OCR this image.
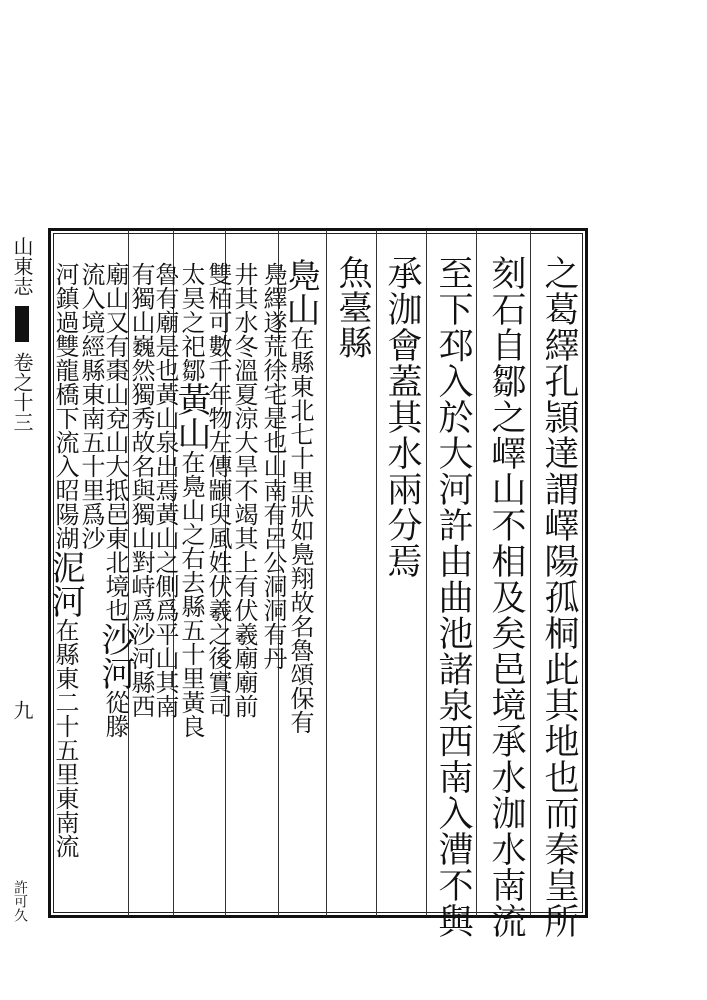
山東志卷之十三
九
許可久	之葛繹孔頴達謂嶧陽孤桐此其地也而秦皇所
刻石自鄒之嶧山不相及矣邑境承水泇水南流
至下邳入於大河許由曲池諸泉西南入漕不與
承泇會蓋其水兩分焉
魚臺縣
鳧山在縣東北七十里狀如鳧翔故名魯頌保有
鳧繹遂荒徐宅是也山南有呂公洞洞有丹
井其水冬溫夏涼大旱不竭其上有伏羲廟廟前
雙栢可數千年物左傳顓臾風姓伏羲之後實司
太昊之祀鄒黃山在鳧山之右去縣五十里黃良
魯有廟是也黃山泉出焉黃山之側爲平山其南
有獨山巍然獨秀故名與獨山對峙爲沙河縣西
廟山又有棗山兗山大抵邑東北境也沙河從滕
流入境經縣東南五十里爲沙
河鎮過雙龍橋下流入昭陽湖泥河在縣東二十五里東南流
